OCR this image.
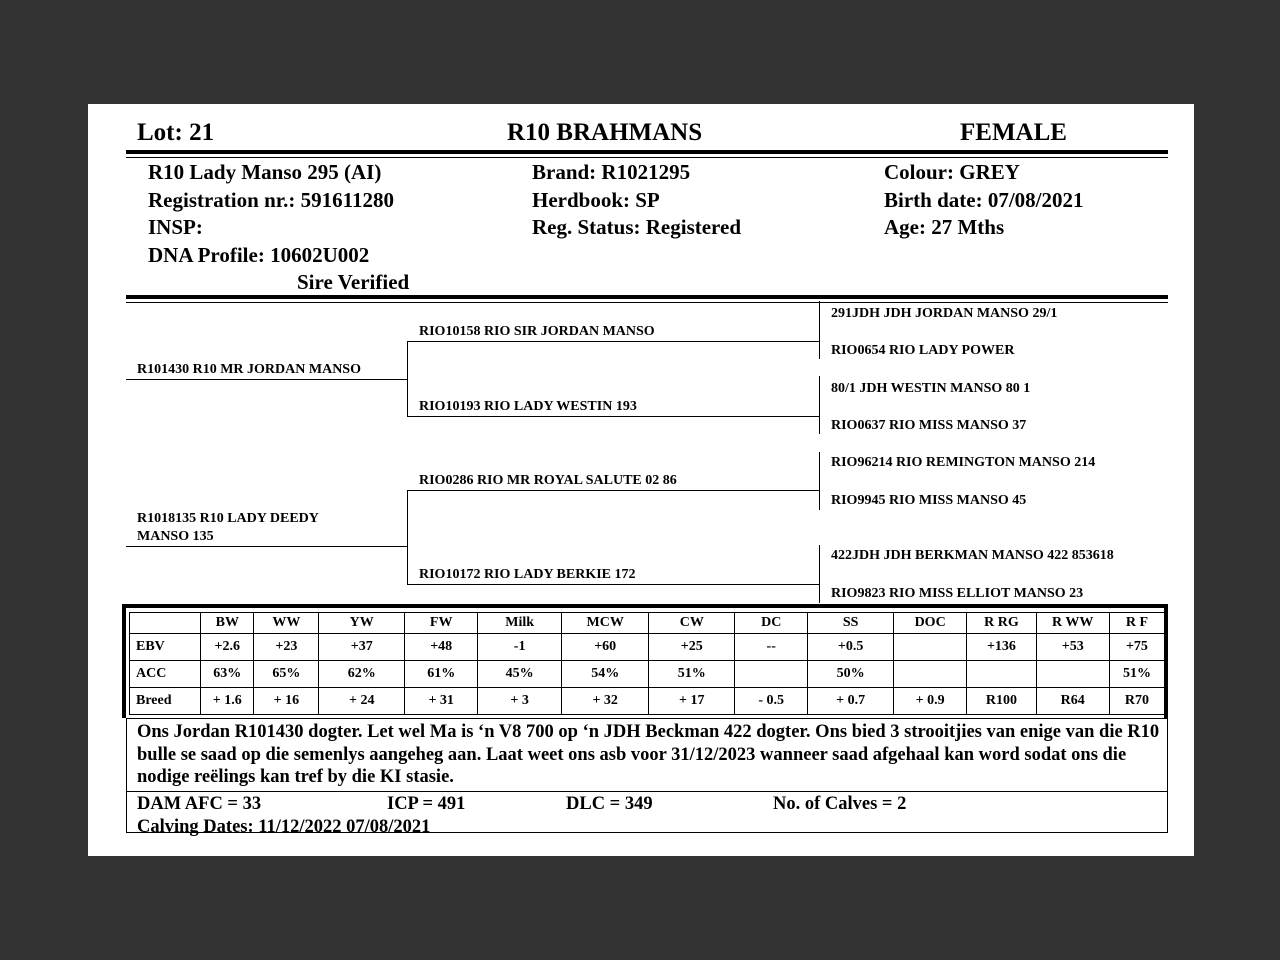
Lot: 21	R10 BRAHMANS	FEMALE
R10 Lady Manso 295 (AI)
Registration nr.: 591611280
INSP:
DNA Profile: 10602U002
Sire Verified
Brand: R1021295
Herdbook: SP
Reg. Status: Registered
Colour: GREY
Birth date: 07/08/2021
Age: 27 Mths
R101430 R10 MR JORDAN MANSO
R1018135 R10 LADY DEEDY
MANSO 135
RIO10158 RIO SIR JORDAN MANSO
RIO10193 RIO LADY WESTIN 193
RIO0286 RIO MR ROYAL SALUTE 02 86
RIO10172 RIO LADY BERKIE 172
291JDH JDH JORDAN MANSO 29/1
RIO0654 RIO LADY POWER
80/1 JDH WESTIN MANSO 80 1
RIO0637 RIO MISS MANSO 37
RIO96214 RIO REMINGTON MANSO 214
RIO9945 RIO MISS MANSO 45
422JDH JDH BERKMAN MANSO 422 853618
RIO9823 RIO MISS ELLIOT MANSO 23
	BW	WW	YW	FW	Milk	MCW	CW	DC	SS	DOC	R RG	R WW	R F
EBV	+2.6	+23	+37	+48	-1	+60	+25	--	+0.5		+136	+53	+75
ACC	63%	65%	62%	61%	45%	54%	51%		50%				51%
Breed	+ 1.6	+ 16	+ 24	+ 31	+ 3	+ 32	+ 17	- 0.5	+ 0.7	+ 0.9	R100	R64	R70
Ons Jordan R101430 dogter. Let wel Ma is ‘n V8 700 op ‘n JDH Beckman 422 dogter. Ons bied 3 strooitjies van enige van die R10 bulle se saad op die semenlys aangeheg aan. Laat weet ons asb voor 31/12/2023 wanneer saad afgehaal kan word sodat ons die nodige reëlings kan tref by die KI stasie.
DAM AFC = 33	ICP = 491	DLC = 349	No. of Calves = 2
Calving Dates: 11/12/2022 07/08/2021
